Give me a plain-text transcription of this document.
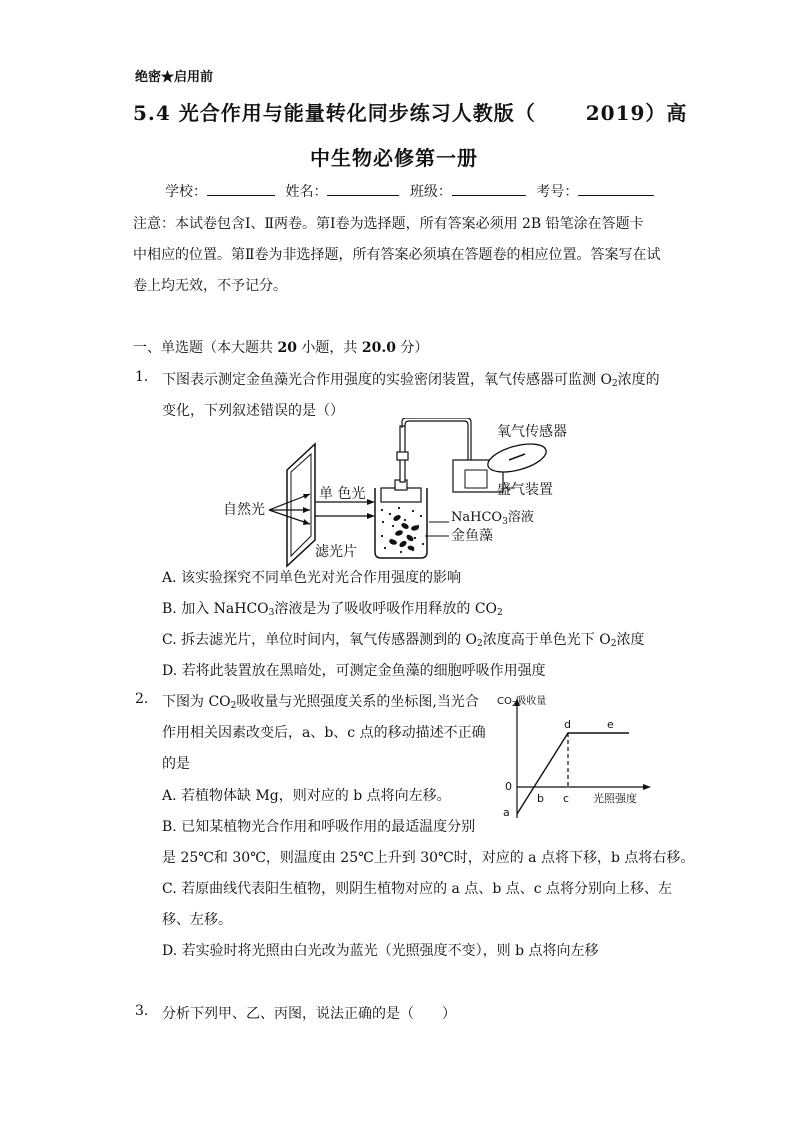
绝密★启用前
5.4 光合作用与能量转化同步练习人教版（	2019）高
中生物必修第一册
学校：	姓名：	班级：	考号：
注意：本试卷包含Ⅰ、Ⅱ两卷。第Ⅰ卷为选择题，所有答案必须用 2B 铅笔涂在答题卡
中相应的位置。第Ⅱ卷为非选择题，所有答案必须填在答题卷的相应位置。答案写在试
卷上均无效，不予记分。
一、单选题（本大题共 20 小题，共 20.0 分）
1. 下图表示测定金鱼藻光合作用强度的实验密闭装置，氧气传感器可监测 $O_2$浓度的
变化，下列叙述错误的是（）
自然光
单 色光
滤光片
氧气传感器
盛气装置
NaHCO$_3$溶液
金鱼藻
A. 该实验探究不同单色光对光合作用强度的影响
B. 加入 NaHCO$_3$溶液是为了吸收呼吸作用释放的 $CO_2$
C. 拆去滤光片，单位时间内，氧气传感器测到的 $O_2$浓度高于单色光下 $O_2$浓度
D. 若将此装置放在黑暗处，可测定金鱼藻的细胞呼吸作用强度
2. 下图为 $CO_2$吸收量与光照强度关系的坐标图,当光合
作用相关因素改变后，a、b、c 点的移动描述不正确
的是
$CO_2$吸收量
0
光照强度
a
b c
d	e
A. 若植物体缺 Mg，则对应的 b 点将向左移。
B. 已知某植物光合作用和呼吸作用的最适温度分别
是 25℃和 30℃，则温度由 25℃上升到 30℃时，对应的 a 点将下移，b 点将右移。
C. 若原曲线代表阳生植物，则阴生植物对应的 a 点、b 点、c 点将分别向上移、左
移、左移。
D. 若实验时将光照由白光改为蓝光（光照强度不变），则 b 点将向左移
3. 分析下列甲、乙、丙图，说法正确的是（　　）
